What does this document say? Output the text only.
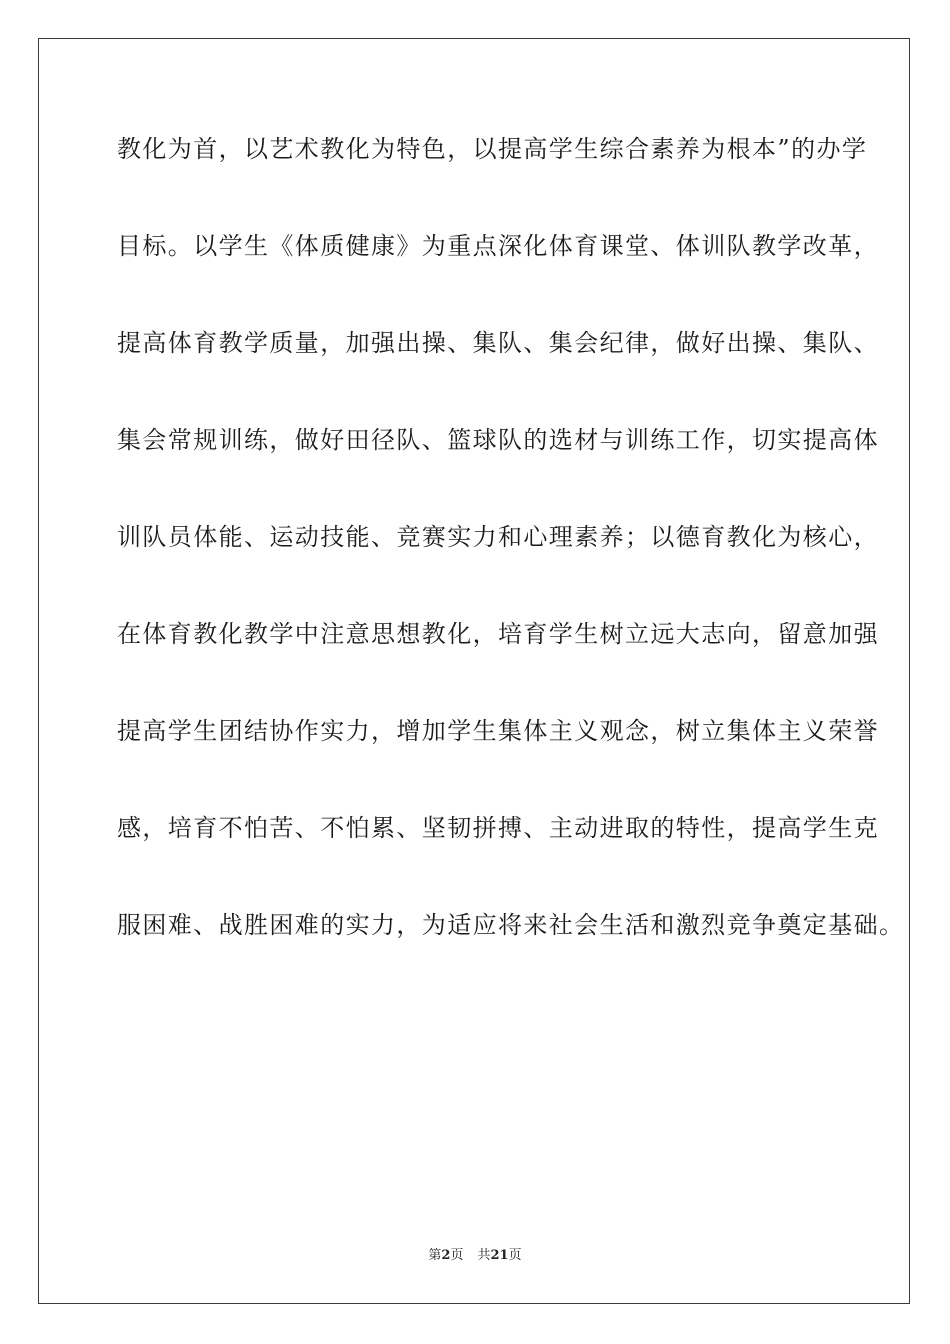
教化为首，以艺术教化为特色，以提高学生综合素养为根本”的办学
目标。以学生《体质健康》为重点深化体育课堂、体训队教学改革，
提高体育教学质量，加强出操、集队、集会纪律，做好出操、集队、
集会常规训练，做好田径队、篮球队的选材与训练工作，切实提高体
训队员体能、运动技能、竞赛实力和心理素养；以德育教化为核心，
在体育教化教学中注意思想教化，培育学生树立远大志向，留意加强
提高学生团结协作实力，增加学生集体主义观念，树立集体主义荣誉
感，培育不怕苦、不怕累、坚韧拼搏、主动进取的特性，提高学生克
服困难、战胜困难的实力，为适应将来社会生活和激烈竞争奠定基础。
第2页 共21页
